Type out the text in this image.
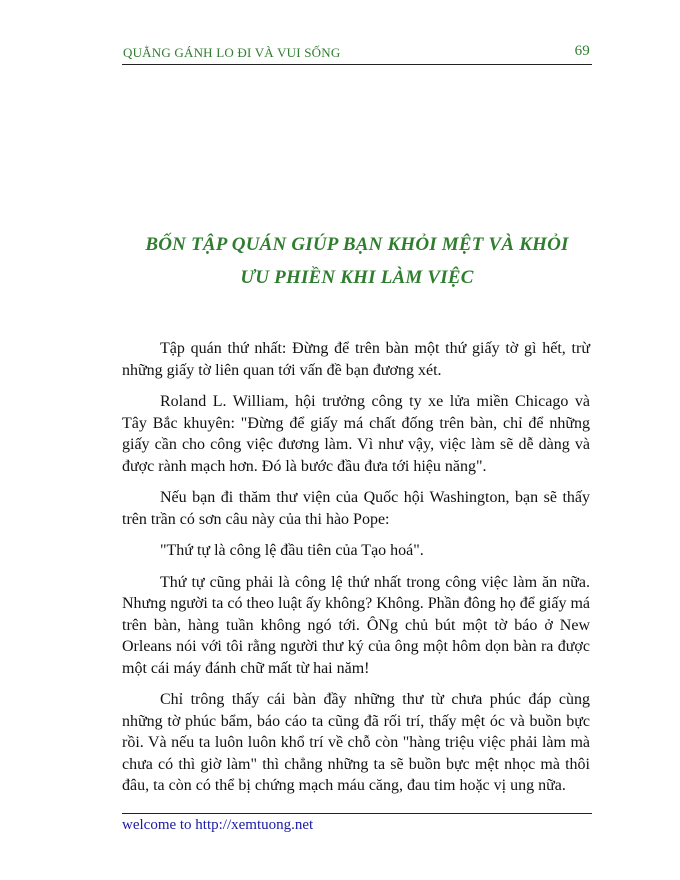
QUẲNG GÁNH LO ĐI VÀ VUI SỐNG	69
BỐN TẬP QUÁN GIÚP BẠN KHỎI MỆT VÀ KHỎI
ƯU PHIỀN KHI LÀM VIỆC

Tập quán thứ nhất: Đừng để trên bàn một thứ giấy tờ gì hết, trừ những giấy tờ liên quan tới vấn đề bạn đương xét.

Roland L. William, hội trưởng công ty xe lửa miền Chicago và Tây Bắc khuyên: "Đừng để giấy má chất đống trên bàn, chỉ để những giấy cần cho công việc đương làm. Vì như vậy, việc làm sẽ dễ dàng và được rành mạch hơn. Đó là bước đầu đưa tới hiệu năng".

Nếu bạn đi thăm thư viện của Quốc hội Washington, bạn sẽ thấy trên trần có sơn câu này của thi hào Pope:

"Thứ tự là công lệ đầu tiên của Tạo hoá".

Thứ tự cũng phải là công lệ thứ nhất trong công việc làm ăn nữa. Nhưng người ta có theo luật ấy không? Không. Phần đông họ để giấy má trên bàn, hàng tuần không ngó tới. ÔNg chủ bút một tờ báo ở New Orleans nói với tôi rằng người thư ký của ông một hôm dọn bàn ra được một cái máy đánh chữ mất từ hai năm!

Chỉ trông thấy cái bàn đầy những thư từ chưa phúc đáp cùng những tờ phúc bẩm, báo cáo ta cũng đã rối trí, thấy mệt óc và buồn bực rồi. Và nếu ta luôn luôn khổ trí về chỗ còn "hàng triệu việc phải làm mà chưa có thì giờ làm" thì chẳng những ta sẽ buồn bực mệt nhọc mà thôi đâu, ta còn có thể bị chứng mạch máu căng, đau tim hoặc vị ung nữa.

welcome to http://xemtuong.net
